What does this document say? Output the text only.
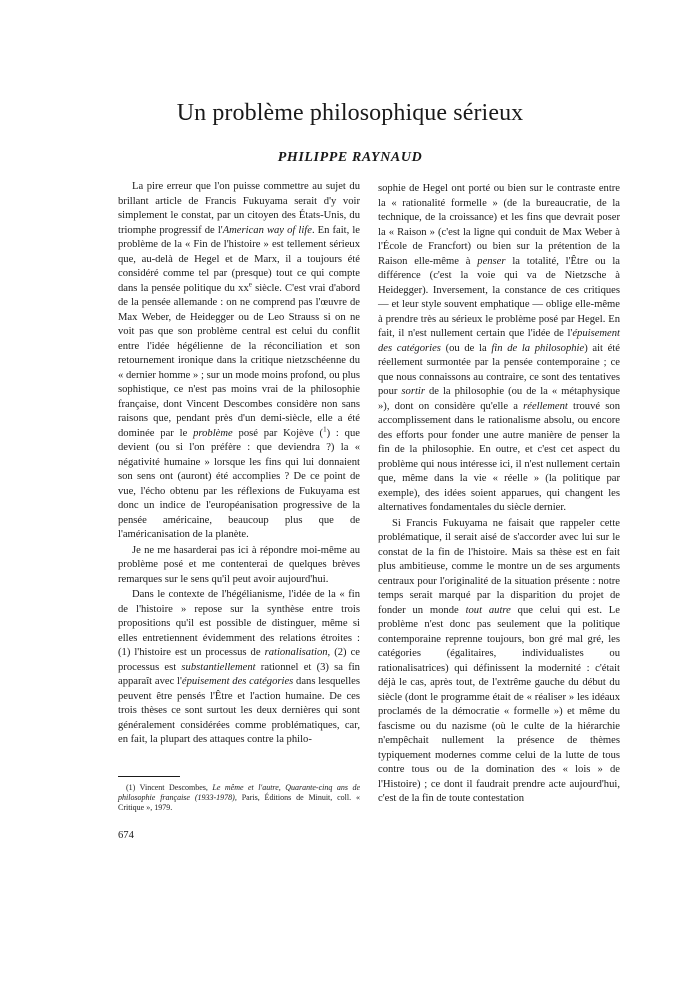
Un problème philosophique sérieux
PHILIPPE RAYNAUD

La pire erreur que l'on puisse commettre au sujet du brillant article de Francis Fukuyama serait d'y voir simplement le constat, par un citoyen des États-Unis, du triomphe progressif de l'American way of life. En fait, le problème de la « Fin de l'histoire » est tellement sérieux que, au-delà de Hegel et de Marx, il a toujours été considéré comme tel par (presque) tout ce qui compte dans la pensée politique du $xx^e$ siècle. C'est vrai d'abord de la pensée allemande : on ne comprend pas l'œuvre de Max Weber, de Heidegger ou de Leo Strauss si on ne voit pas que son problème central est celui du conflit entre l'idée hégélienne de la réconciliation et son retournement ironique dans la critique nietzschéenne du « dernier homme » ; sur un mode moins profond, ou plus sophistique, ce n'est pas moins vrai de la philosophie française, dont Vincent Descombes considère non sans raisons que, pendant près d'un demi-siècle, elle a été dominée par le problème posé par Kojève ($^1$) : que devient (ou si l'on préfère : que deviendra ?) la « négativité humaine » lorsque les fins qui lui donnaient son sens ont (auront) été accomplies ? De ce point de vue, l'écho obtenu par les réflexions de Fukuyama est donc un indice de l'européanisation progressive de la pensée américaine, beaucoup plus que de l'américanisation de la planète.

Je ne me hasarderai pas ici à répondre moi-même au problème posé et me contenterai de quelques brèves remarques sur le sens qu'il peut avoir aujourd'hui.

Dans le contexte de l'hégélianisme, l'idée de la « fin de l'histoire » repose sur la synthèse entre trois propositions qu'il est possible de distinguer, même si elles entretiennent évidemment des relations étroites : (1) l'histoire est un processus de rationalisation, (2) ce processus est substantiellement rationnel et (3) sa fin apparaît avec l'épuisement des catégories dans lesquelles peuvent être pensés l'Être et l'action humaine. De ces trois thèses ce sont surtout les deux dernières qui sont généralement considérées comme problématiques, car, en fait, la plupart des attaques contre la philo-

sophie de Hegel ont porté ou bien sur le contraste entre la « rationalité formelle » (de la bureaucratie, de la technique, de la croissance) et les fins que devrait poser la « Raison » (c'est la ligne qui conduit de Max Weber à l'École de Francfort) ou bien sur la prétention de la Raison elle-même à penser la totalité, l'Être ou la différence (c'est la voie qui va de Nietzsche à Heidegger). Inversement, la constance de ces critiques — et leur style souvent emphatique — oblige elle-même à prendre très au sérieux le problème posé par Hegel. En fait, il n'est nullement certain que l'idée de l'épuisement des catégories (ou de la fin de la philosophie) ait été réellement surmontée par la pensée contemporaine ; ce que nous connaissons au contraire, ce sont des tentatives pour sortir de la philosophie (ou de la « métaphysique »), dont on considère qu'elle a réellement trouvé son accomplissement dans le rationalisme absolu, ou encore des efforts pour fonder une autre manière de penser la fin de la philosophie. En outre, et c'est cet aspect du problème qui nous intéresse ici, il n'est nullement certain que, même dans la vie « réelle » (la politique par exemple), des idées soient apparues, qui changent les alternatives fondamentales du siècle dernier.

Si Francis Fukuyama ne faisait que rappeler cette problématique, il serait aisé de s'accorder avec lui sur le constat de la fin de l'histoire. Mais sa thèse est en fait plus ambitieuse, comme le montre un de ses arguments centraux pour l'originalité de la situation présente : notre temps serait marqué par la disparition du projet de fonder un monde tout autre que celui qui est. Le problème n'est donc pas seulement que la politique contemporaine reprenne toujours, bon gré mal gré, les catégories (égalitaires, individualistes ou rationalisatrices) qui définissent la modernité : c'était déjà le cas, après tout, de l'extrême gauche du début du siècle (dont le programme était de « réaliser » les idéaux proclamés de la démocratie « formelle ») et même du fascisme ou du nazisme (où le culte de la hiérarchie n'empêchait nullement la présence de thèmes typiquement modernes comme celui de la lutte de tous contre tous ou de la domination des « lois » de l'Histoire) ; ce dont il faudrait prendre acte aujourd'hui, c'est de la fin de toute contestation

(1) Vincent Descombes, Le même et l'autre, Quarante-cinq ans de philosophie française (1933-1978), Paris, Éditions de Minuit, coll. « Critique », 1979.

674
